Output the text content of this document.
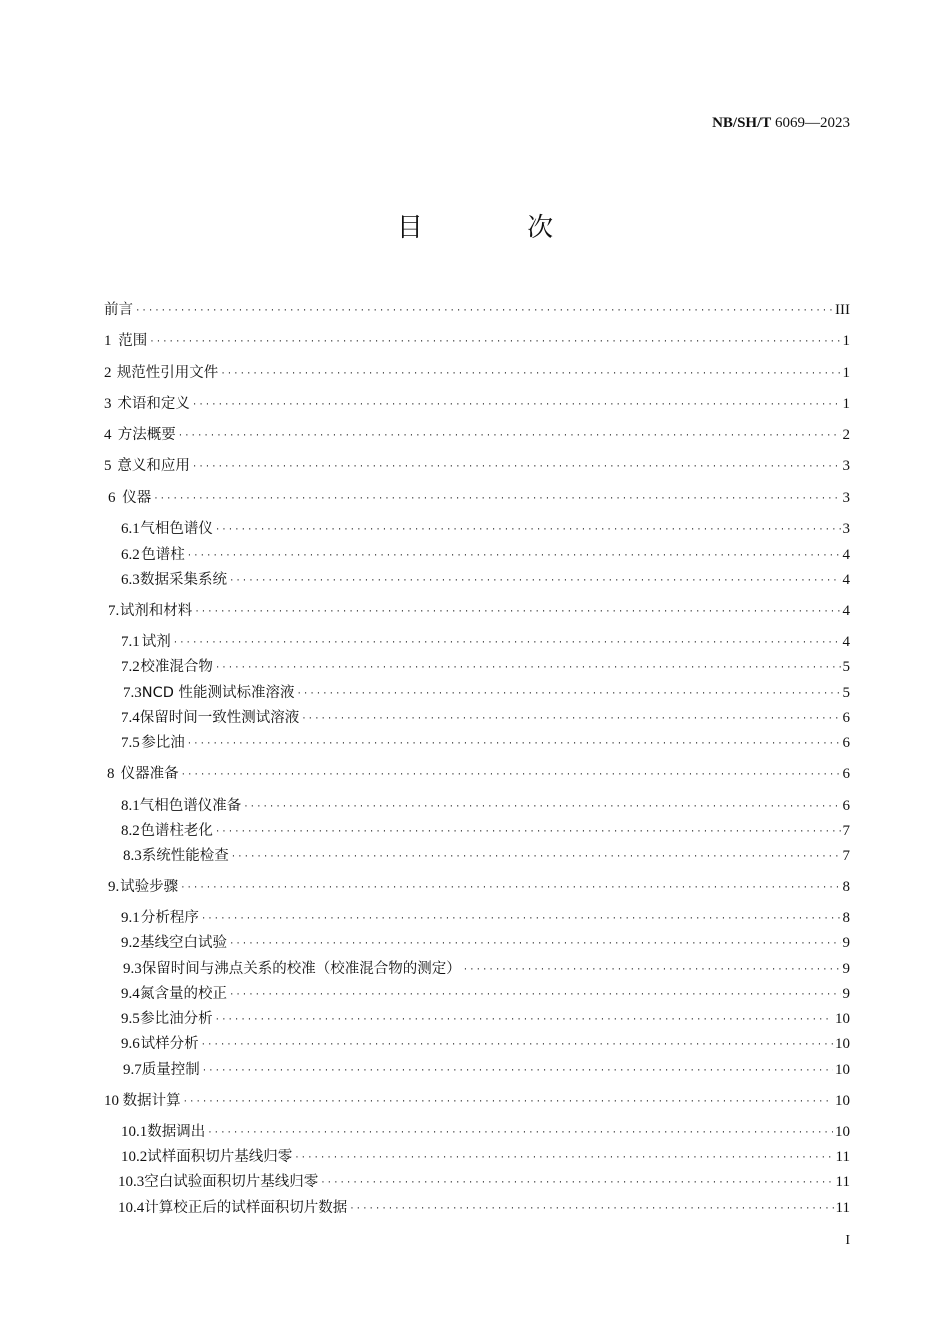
NB/SH/T 6069—2023
目 次
前言 ·····	III
1 范围 ·····	1
2 规范性引用文件 ·····	1
3 术语和定义 ·····	1
4 方法概要 ·····	2
5 意义和应用 ·····	3
6 仪器 ·····	3
6.1 气相色谱仪 ·····	3
6.2 色谱柱 ·····	4
6.3 数据采集系统 ·····	4
7. 试剂和材料 ·····	4
7.1 试剂 ·····	4
7.2 校准混合物 ·····	5
7.3 NCD 性能测试标准溶液 ·····	5
7.4 保留时间一致性测试溶液 ·····	6
7.5 参比油 ·····	6
8 仪器准备 ·····	6
8.1 气相色谱仪准备 ·····	6
8.2 色谱柱老化 ·····	7
8.3 系统性能检查 ·····	7
9. 试验步骤 ·····	8
9.1 分析程序 ·····	8
9.2 基线空白试验 ·····	9
9.3 保留时间与沸点关系的校准（校准混合物的测定） ·····	9
9.4 氮含量的校正 ·····	9
9.5 参比油分析 ·····	10
9.6 试样分析 ·····	10
9.7 质量控制 ·····	10
10 数据计算 ·····	10
10.1 数据调出 ·····	10
10.2 试样面积切片基线归零 ·····	11
10.3 空白试验面积切片基线归零 ·····	11
10.4 计算校正后的试样面积切片数据 ·····	11
I
